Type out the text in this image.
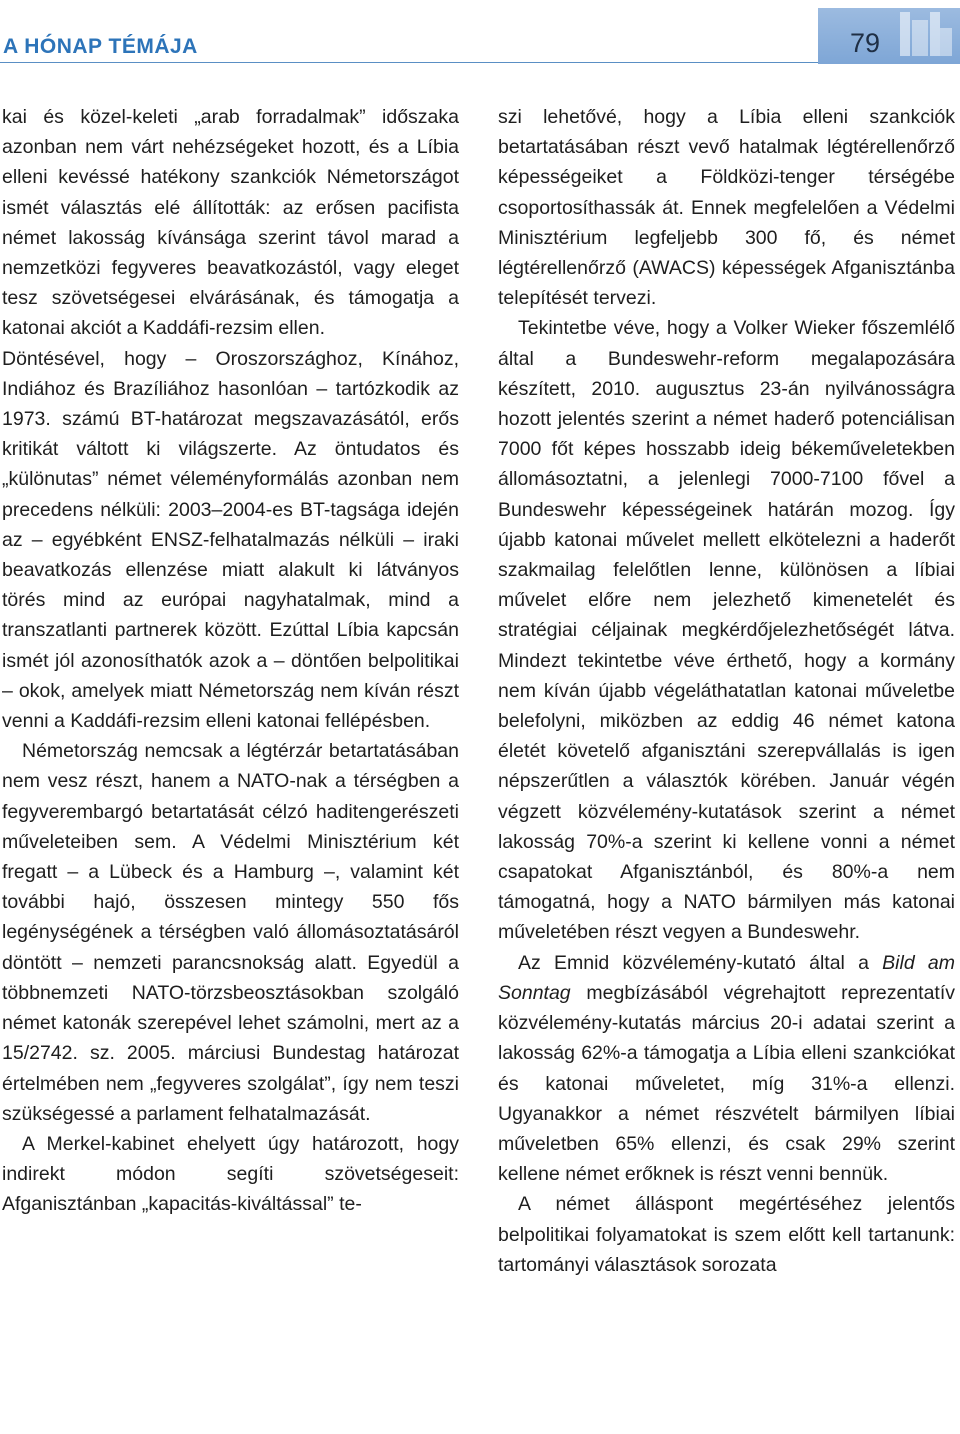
A HÓNAP TÉMÁJA	79

kai és közel-keleti „arab forradalmak” időszaka azonban nem várt nehézségeket hozott, és a Líbia elleni kevéssé hatékony szankciók Németországot ismét választás elé állították: az erősen pacifista német lakosság kívánsága szerint távol marad a nemzetközi fegyveres beavatkozástól, vagy eleget tesz szövetségesei elvárásának, és támogatja a katonai akciót a Kaddáfi-rezsim ellen.

Döntésével, hogy – Oroszországhoz, Kínához, Indiához és Brazíliához hasonlóan – tartózkodik az 1973. számú BT-határozat megszavazásától, erős kritikát váltott ki világszerte. Az öntudatos és „különutas” német véleményformálás azonban nem precedens nélküli: 2003–2004-es BT-tagsága idején az – egyébként ENSZ-felhatalmazás nélküli – iraki beavatkozás ellenzése miatt alakult ki látványos törés mind az európai nagyhatalmak, mind a transzatlanti partnerek között. Ezúttal Líbia kapcsán ismét jól azonosíthatók azok a – döntően belpolitikai – okok, amelyek miatt Németország nem kíván részt venni a Kaddáfi-rezsim elleni katonai fellépésben.

Németország nemcsak a légtérzár betartatásában nem vesz részt, hanem a NATO-nak a térségben a fegyverembargó betartatását célzó haditengerészeti műveleteiben sem. A Védelmi Minisztérium két fregatt – a Lübeck és a Hamburg –, valamint két további hajó, összesen mintegy 550 fős legénységének a térségben való állomásoztatásáról döntött – nemzeti parancsnokság alatt. Egyedül a többnemzeti NATO-törzsbeosztásokban szolgáló német katonák szerepével lehet számolni, mert az a 15/2742. sz. 2005. márciusi Bundestag határozat értelmében nem „fegyveres szolgálat”, így nem teszi szükségessé a parlament felhatalmazását.

A Merkel-kabinet ehelyett úgy határozott, hogy indirekt módon segíti szövetségeseit: Afganisztánban „kapacitás-kiváltással” te-

szi lehetővé, hogy a Líbia elleni szankciók betartatásában részt vevő hatalmak légtérellenőrző képességeiket a Földközi-tenger térségébe csoportosíthassák át. Ennek megfelelően a Védelmi Minisztérium legfeljebb 300 fő, és német légtérellenőrző (AWACS) képességek Afganisztánba telepítését tervezi.

Tekintetbe véve, hogy a Volker Wieker főszemlélő által a Bundeswehr-reform megalapozására készített, 2010. augusztus 23-án nyilvánosságra hozott jelentés szerint a német haderő potenciálisan 7000 főt képes hosszabb ideig békeműveletekben állomásoztatni, a jelenlegi 7000-7100 fővel a Bundeswehr képességeinek határán mozog. Így újabb katonai művelet mellett elkötelezni a haderőt szakmailag felelőtlen lenne, különösen a líbiai művelet előre nem jelezhető kimenetelét és stratégiai céljainak megkérdőjelezhetőségét látva. Mindezt tekintetbe véve érthető, hogy a kormány nem kíván újabb végeláthatatlan katonai műveletbe belefolyni, miközben az eddig 46 német katona életét követelő afganisztáni szerepvállalás is igen népszerűtlen a választók körében. Január végén végzett közvélemény-kutatások szerint a német lakosság 70%-a szerint ki kellene vonni a német csapatokat Afganisztánból, és 80%-a nem támogatná, hogy a NATO bármilyen más katonai műveletében részt vegyen a Bundeswehr.

Az Emnid közvélemény-kutató által a Bild am Sonntag megbízásából végrehajtott reprezentatív közvélemény-kutatás március 20-i adatai szerint a lakosság 62%-a támogatja a Líbia elleni szankciókat és katonai műveletet, míg 31%-a ellenzi. Ugyanakkor a német részvételt bármilyen líbiai műveletben 65% ellenzi, és csak 29% szerint kellene német erőknek is részt venni bennük.

A német álláspont megértéséhez jelentős belpolitikai folyamatokat is szem előtt kell tartanunk: tartományi választások sorozata
